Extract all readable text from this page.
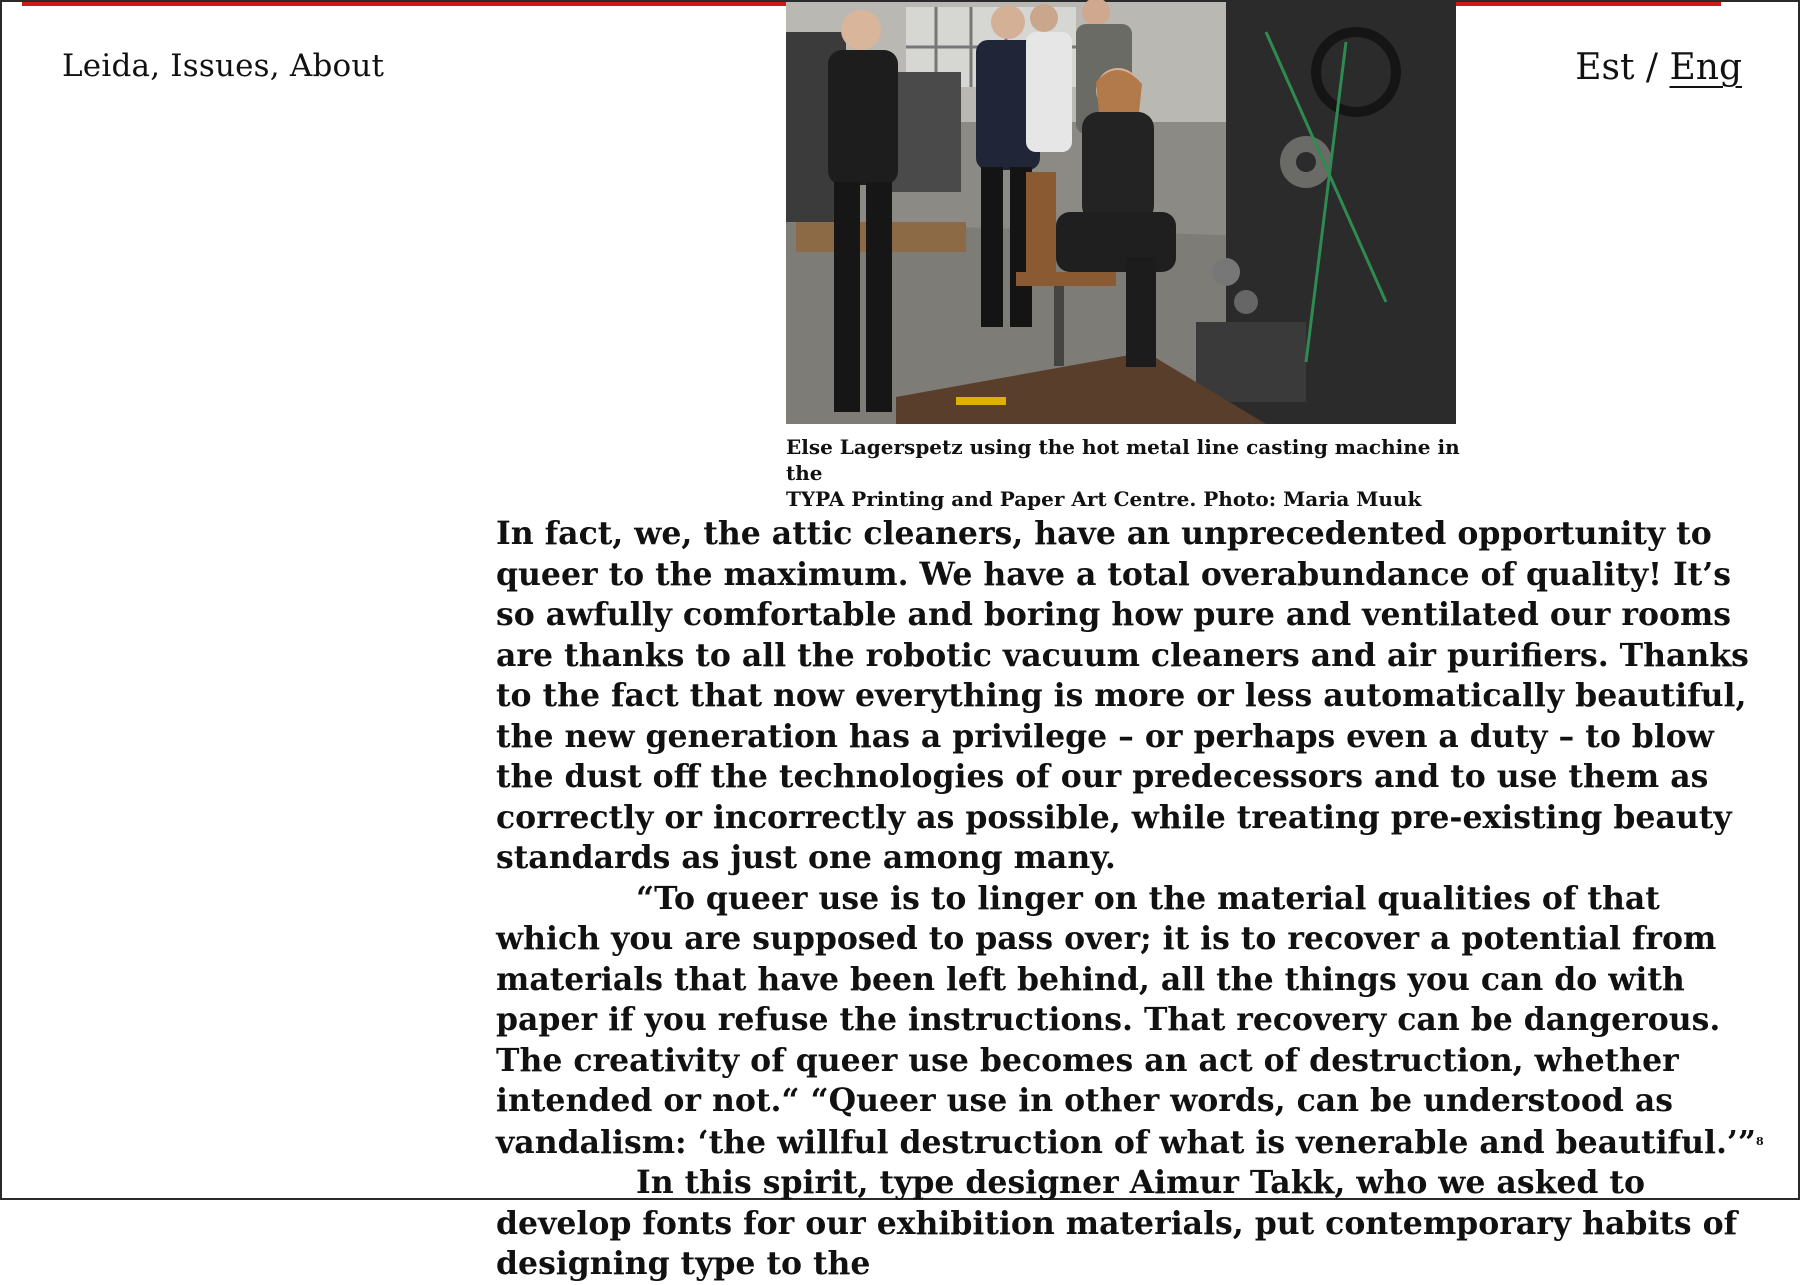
Leida, Issues, About	Est / Eng
Else Lagerspetz using the hot metal line casting machine in the
TYPA Printing and Paper Art Centre. Photo: Maria Muuk

In fact, we, the attic cleaners, have an unprecedented opportunity to queer to the maximum. We have a total overabundance of quality! It’s so awfully comfortable and boring how pure and ventilated our rooms are thanks to all the robotic vacuum cleaners and air purifiers. Thanks to the fact that now everything is more or less automatically beautiful, the new generation has a privilege – or perhaps even a duty – to blow the dust off the technologies of our predecessors and to use them as correctly or incorrectly as possible, while treating pre-existing beauty standards as just one among many.

“To queer use is to linger on the material qualities of that which you are supposed to pass over; it is to recover a potential from materials that have been left behind, all the things you can do with paper if you refuse the instructions. That recovery can be dangerous. The creativity of queer use becomes an act of destruction, whether intended or not.“ “Queer use in other words, can be understood as vandalism: ‘the willful destruction of what is venerable and beautiful.’”$^8$

In this spirit, type designer Aimur Takk, who we asked to develop fonts for our exhibition materials, put contemporary habits of designing type to the
